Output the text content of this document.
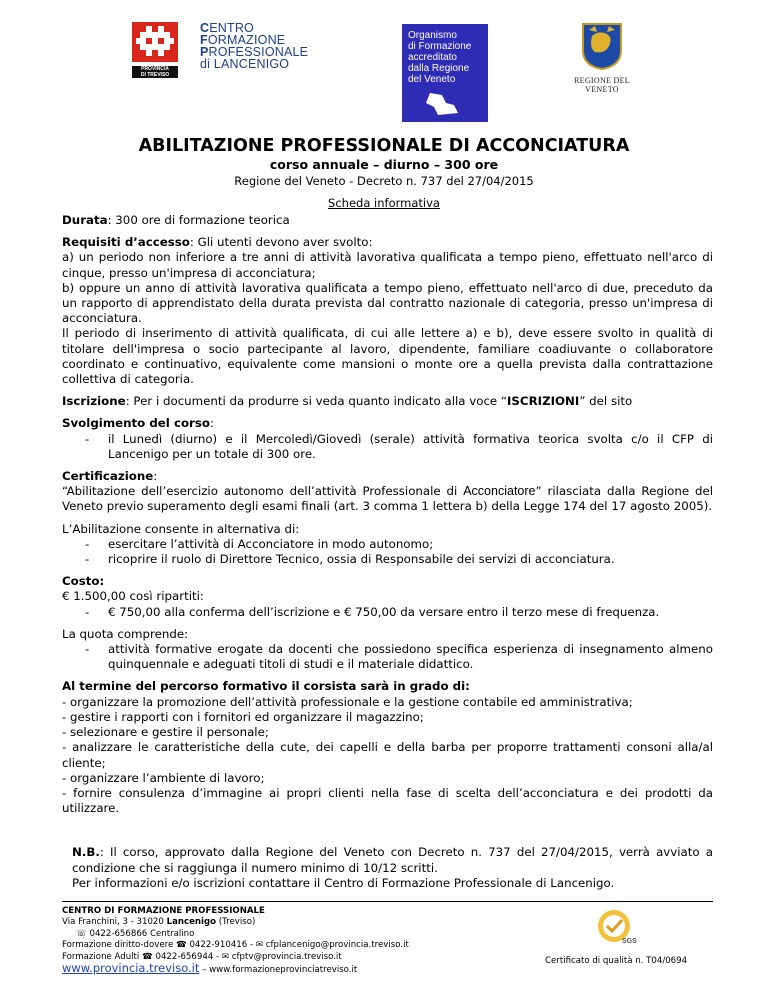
PROVINCIA
DI TREVISO
CENTRO
FORMAZIONE
PROFESSIONALE
di LANCENIGO
Organismo
di Formazione
accreditato
dalla Regione
del Veneto	REGIONE DEL VENETO
ABILITAZIONE PROFESSIONALE DI ACCONCIATURA
corso annuale – diurno – 300 ore
Regione del Veneto - Decreto n. 737 del 27/04/2015
Scheda informativa

Durata: 300 ore di formazione teorica

Requisiti d’accesso: Gli utenti devono aver svolto:
a) un periodo non inferiore a tre anni di attività lavorativa qualificata a tempo pieno, effettuato nell'arco di cinque, presso un'impresa di acconciatura;
b) oppure un anno di attività lavorativa qualificata a tempo pieno, effettuato nell'arco di due, preceduto da un rapporto di apprendistato della durata prevista dal contratto nazionale di categoria, presso un'impresa di acconciatura.
Il periodo di inserimento di attività qualificata, di cui alle lettere a) e b), deve essere svolto in qualità di titolare dell'impresa o socio partecipante al lavoro, dipendente, familiare coadiuvante o collaboratore coordinato e continuativo, equivalente come mansioni o monte ore a quella prevista dalla contrattazione collettiva di categoria.

Iscrizione: Per i documenti da produrre si veda quanto indicato alla voce “ISCRIZIONI” del sito

Svolgimento del corso:
-	il Lunedì (diurno) e il Mercoledì/Giovedì (serale) attività formativa teorica svolta c/o il CFP di Lancenigo per un totale di 300 ore.
Certificazione:
“Abilitazione dell’esercizio autonomo dell’attività Professionale di Acconciatore” rilasciata dalla Regione del Veneto previo superamento degli esami finali (art. 3 comma 1 lettera b) della Legge 174 del 17 agosto 2005).
L’Abilitazione consente in alternativa di:
-	esercitare l’attività di Acconciatore in modo autonomo;
-	ricoprire il ruolo di Direttore Tecnico, ossia di Responsabile dei servizi di acconciatura.
Costo:
€ 1.500,00 così ripartiti:
-	€ 750,00 alla conferma dell’iscrizione e € 750,00 da versare entro il terzo mese di frequenza.
La quota comprende:
-	attività formative erogate da docenti che possiedono specifica esperienza di insegnamento almeno quinquennale e adeguati titoli di studi e il materiale didattico.
Al termine del percorso formativo il corsista sarà in grado di:
- organizzare la promozione dell’attività professionale e la gestione contabile ed amministrativa;
- gestire i rapporti con i fornitori ed organizzare il magazzino;
- selezionare e gestire il personale;
- analizzare le caratteristiche della cute, dei capelli e della barba per proporre trattamenti consoni alla/al cliente;
- organizzare l’ambiente di lavoro;
- fornire consulenza d’immagine ai propri clienti nella fase di scelta dell’acconciatura e dei prodotti da utilizzare.
N.B.: Il corso, approvato dalla Regione del Veneto con Decreto n. 737 del 27/04/2015, verrà avviato a condizione che si raggiunga il numero minimo di 10/12 scritti.
Per informazioni e/o iscrizioni contattare il Centro di Formazione Professionale di Lancenigo.
CENTRO DI FORMAZIONE PROFESSIONALE
Via Franchini, 3 - 31020 Lancenigo (Treviso)
☏ 0422-656866 Centralino
Formazione diritto-dovere ☎ 0422-910416 - ✉ cfplancenigo@provincia.treviso.it
Formazione Adulti ☎ 0422-656944 - ✉ cfptv@provincia.treviso.it
www.provincia.treviso.it – www.formazioneprovinciatreviso.it
SGS
Certificato di qualità n. T04/0694
